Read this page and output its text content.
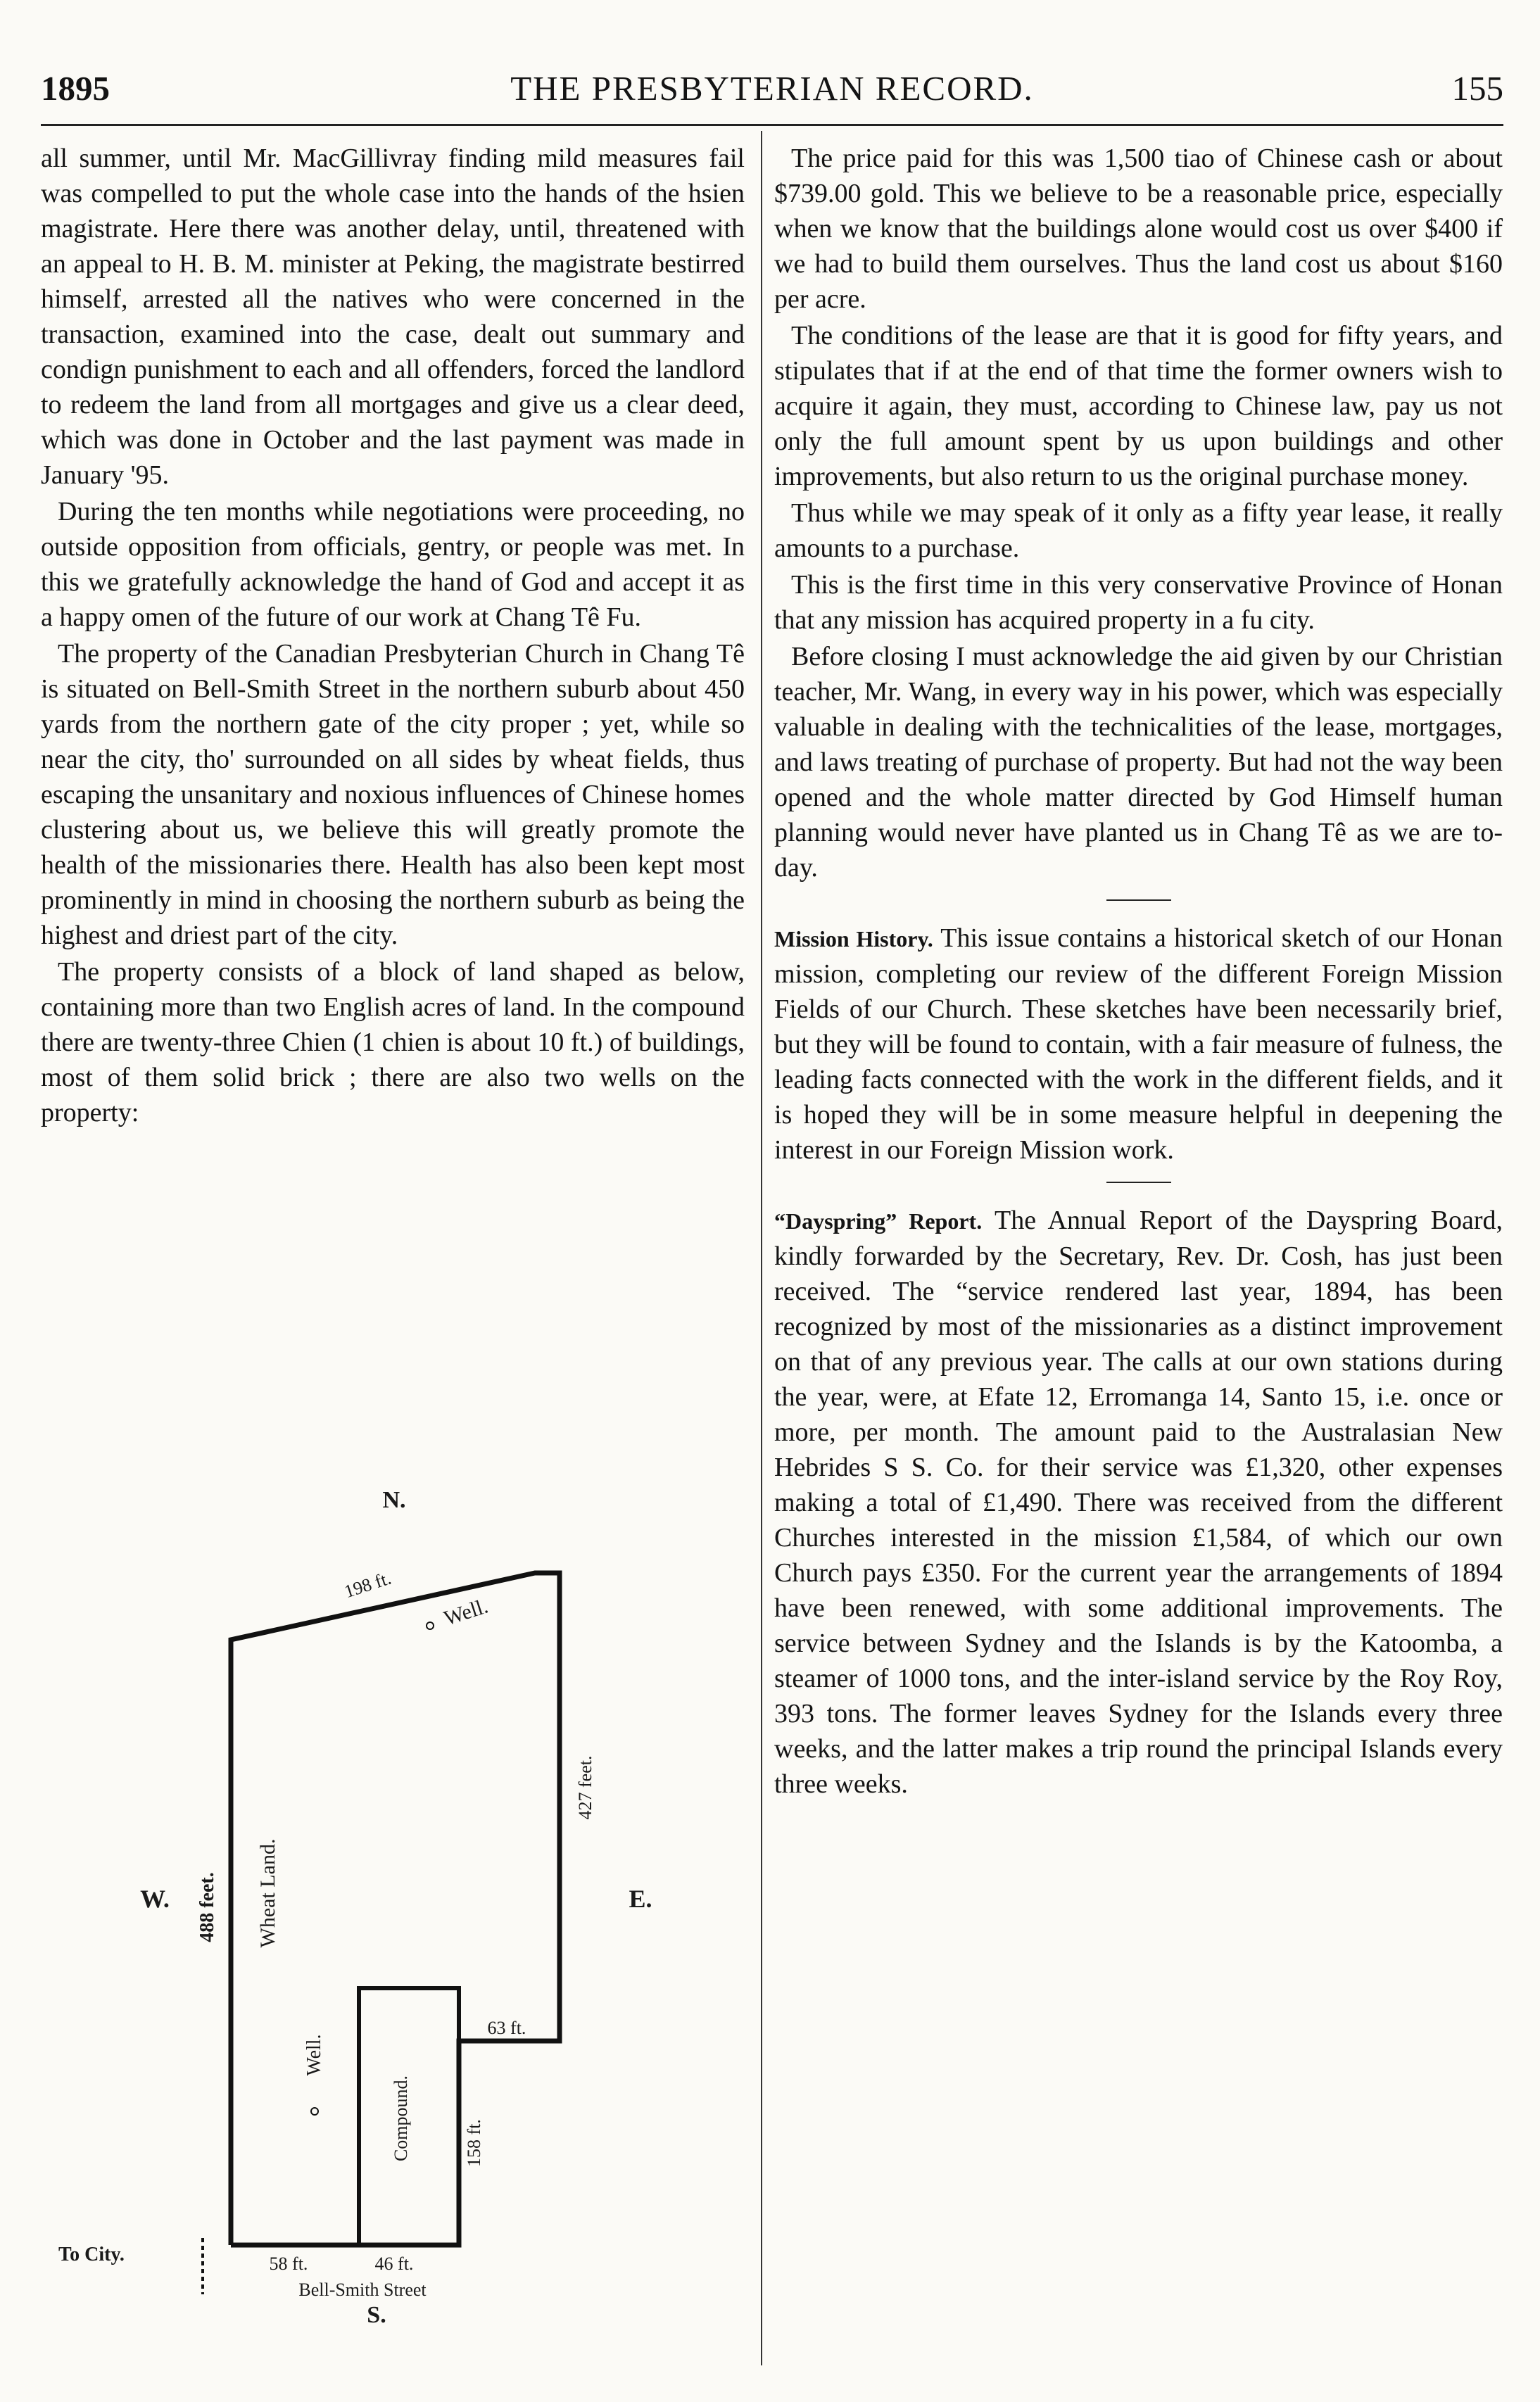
1895	THE PRESBYTERIAN RECORD.	155

all summer, until Mr. MacGillivray finding mild measures fail was compelled to put the whole case into the hands of the hsien magistrate. Here there was another delay, until, threatened with an appeal to H. B. M. minister at Peking, the magistrate bestirred himself, arrested all the natives who were concerned in the transaction, examined into the case, dealt out summary and condign punishment to each and all offenders, forced the landlord to redeem the land from all mortgages and give us a clear deed, which was done in October and the last payment was made in January '95.

During the ten months while negotiations were proceeding, no outside opposition from officials, gentry, or people was met. In this we gratefully acknowledge the hand of God and accept it as a happy omen of the future of our work at Chang Tê Fu.

The property of the Canadian Presbyterian Church in Chang Tê is situated on Bell-Smith Street in the northern suburb about 450 yards from the northern gate of the city proper ; yet, while so near the city, tho' surrounded on all sides by wheat fields, thus escaping the unsanitary and noxious influences of Chinese homes clustering about us, we believe this will greatly promote the health of the missionaries there. Health has also been kept most prominently in mind in choosing the northern suburb as being the highest and driest part of the city.

The property consists of a block of land shaped as below, containing more than two English acres of land. In the compound there are twenty-three Chien (1 chien is about 10 ft.) of buildings, most of them solid brick ; there are also two wells on the property:

N.
S.
E.
W.
198 ft.
427 feet.
488 feet.
63 ft.
158 ft.
58 ft.	46 ft.
Well.
Wheat Land.
Well.
Compound.
To City.
Bell-Smith Street

The price paid for this was 1,500 tiao of Chinese cash or about $739.00 gold. This we believe to be a reasonable price, especially when we know that the buildings alone would cost us over $400 if we had to build them ourselves. Thus the land cost us about $160 per acre.

The conditions of the lease are that it is good for fifty years, and stipulates that if at the end of that time the former owners wish to acquire it again, they must, according to Chinese law, pay us not only the full amount spent by us upon buildings and other improvements, but also return to us the original purchase money.

Thus while we may speak of it only as a fifty year lease, it really amounts to a purchase.

This is the first time in this very conservative Province of Honan that any mission has acquired property in a fu city.

Before closing I must acknowledge the aid given by our Christian teacher, Mr. Wang, in every way in his power, which was especially valuable in dealing with the technicalities of the lease, mortgages, and laws treating of purchase of property. But had not the way been opened and the whole matter directed by God Himself human planning would never have planted us in Chang Tê as we are to-day.

Mission History. This issue contains a historical sketch of our Honan mission, completing our review of the different Foreign Mission Fields of our Church. These sketches have been necessarily brief, but they will be found to contain, with a fair measure of fulness, the leading facts connected with the work in the different fields, and it is hoped they will be in some measure helpful in deepening the interest in our Foreign Mission work.

“Dayspring” Report. The Annual Report of the Dayspring Board, kindly forwarded by the Secretary, Rev. Dr. Cosh, has just been received. The “service rendered last year, 1894, has been recognized by most of the missionaries as a distinct improvement on that of any previous year. The calls at our own stations during the year, were, at Efate 12, Erromanga 14, Santo 15, i.e. once or more, per month. The amount paid to the Australasian New Hebrides S S. Co. for their service was £1,320, other expenses making a total of £1,490. There was received from the different Churches interested in the mission £1,584, of which our own Church pays £350. For the current year the arrangements of 1894 have been renewed, with some additional improvements. The service between Sydney and the Islands is by the Katoomba, a steamer of 1000 tons, and the inter-island service by the Roy Roy, 393 tons. The former leaves Sydney for the Islands every three weeks, and the latter makes a trip round the principal Islands every three weeks.
